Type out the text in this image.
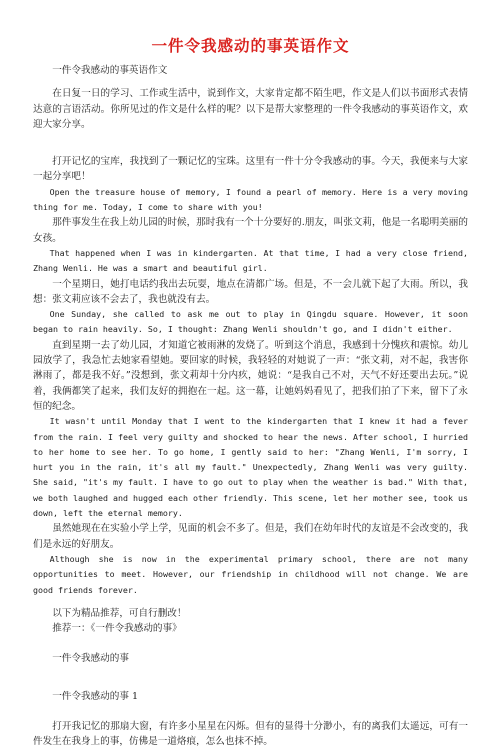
一件令我感动的事英语作文

一件令我感动的事英语作文

在日复一日的学习、工作或生活中，说到作文，大家肯定都不陌生吧，作文是人们以书面形式表情达意的言语活动。你所见过的作文是什么样的呢？以下是帮大家整理的一件令我感动的事英语作文，欢迎大家分享。

打开记忆的宝库，我找到了一颗记忆的宝珠。这里有一件十分令我感动的事。今天，我便来与大家一起分享吧！

Open the treasure house of memory, I found a pearl of memory. Here is a very moving thing for me. Today, I come to share with you!

那件事发生在我上幼儿园的时候，那时我有一个十分要好的.朋友，叫张文莉，他是一名聪明美丽的女孩。

That happened when I was in kindergarten. At that time, I had a very close friend, Zhang Wenli. He was a smart and beautiful girl.

一个星期日，她打电话约我出去玩耍，地点在清都广场。但是，不一会儿就下起了大雨。所以，我想：张文莉应该不会去了，我也就没有去。

One Sunday, she called to ask me out to play in Qingdu square. However, it soon began to rain heavily. So, I thought: Zhang Wenli shouldn't go, and I didn't either.

直到星期一去了幼儿园，才知道它被雨淋的发烧了。听到这个消息，我感到十分愧疚和震惊。幼儿园放学了，我急忙去她家看望她。要回家的时候，我轻轻的对她说了一声：“张文莉，对不起，我害你淋雨了，都是我不好。”没想到，张文莉却十分内疚，她说：“是我自己不对，天气不好还要出去玩。”说着，我俩都笑了起来，我们友好的拥抱在一起。这一幕，让她妈妈看见了，把我们拍了下来，留下了永恒的纪念。

It wasn't until Monday that I went to the kindergarten that I knew it had a fever from the rain. I feel very guilty and shocked to hear the news. After school, I hurried to her home to see her. To go home, I gently said to her: "Zhang Wenli, I'm sorry, I hurt you in the rain, it's all my fault." Unexpectedly, Zhang Wenli was very guilty. She said, "it's my fault. I have to go out to play when the weather is bad." With that, we both laughed and hugged each other friendly. This scene, let her mother see, took us down, left the eternal memory.

虽然她现在在实验小学上学，见面的机会不多了。但是，我们在幼年时代的友谊是不会改变的，我们是永远的好朋友。

Although she is now in the experimental primary school, there are not many opportunities to meet. However, our friendship in childhood will not change. We are good friends forever.

以下为精品推荐，可自行删改！

推荐一：《一件令我感动的事》

一件令我感动的事

一件令我感动的事 1

打开我记忆的那扇大窗，有许多小星星在闪烁。但有的显得十分渺小，有的离我们太遥远，可有一件发生在我身上的事，仿佛是一道烙痕，怎么也抹不掉。
